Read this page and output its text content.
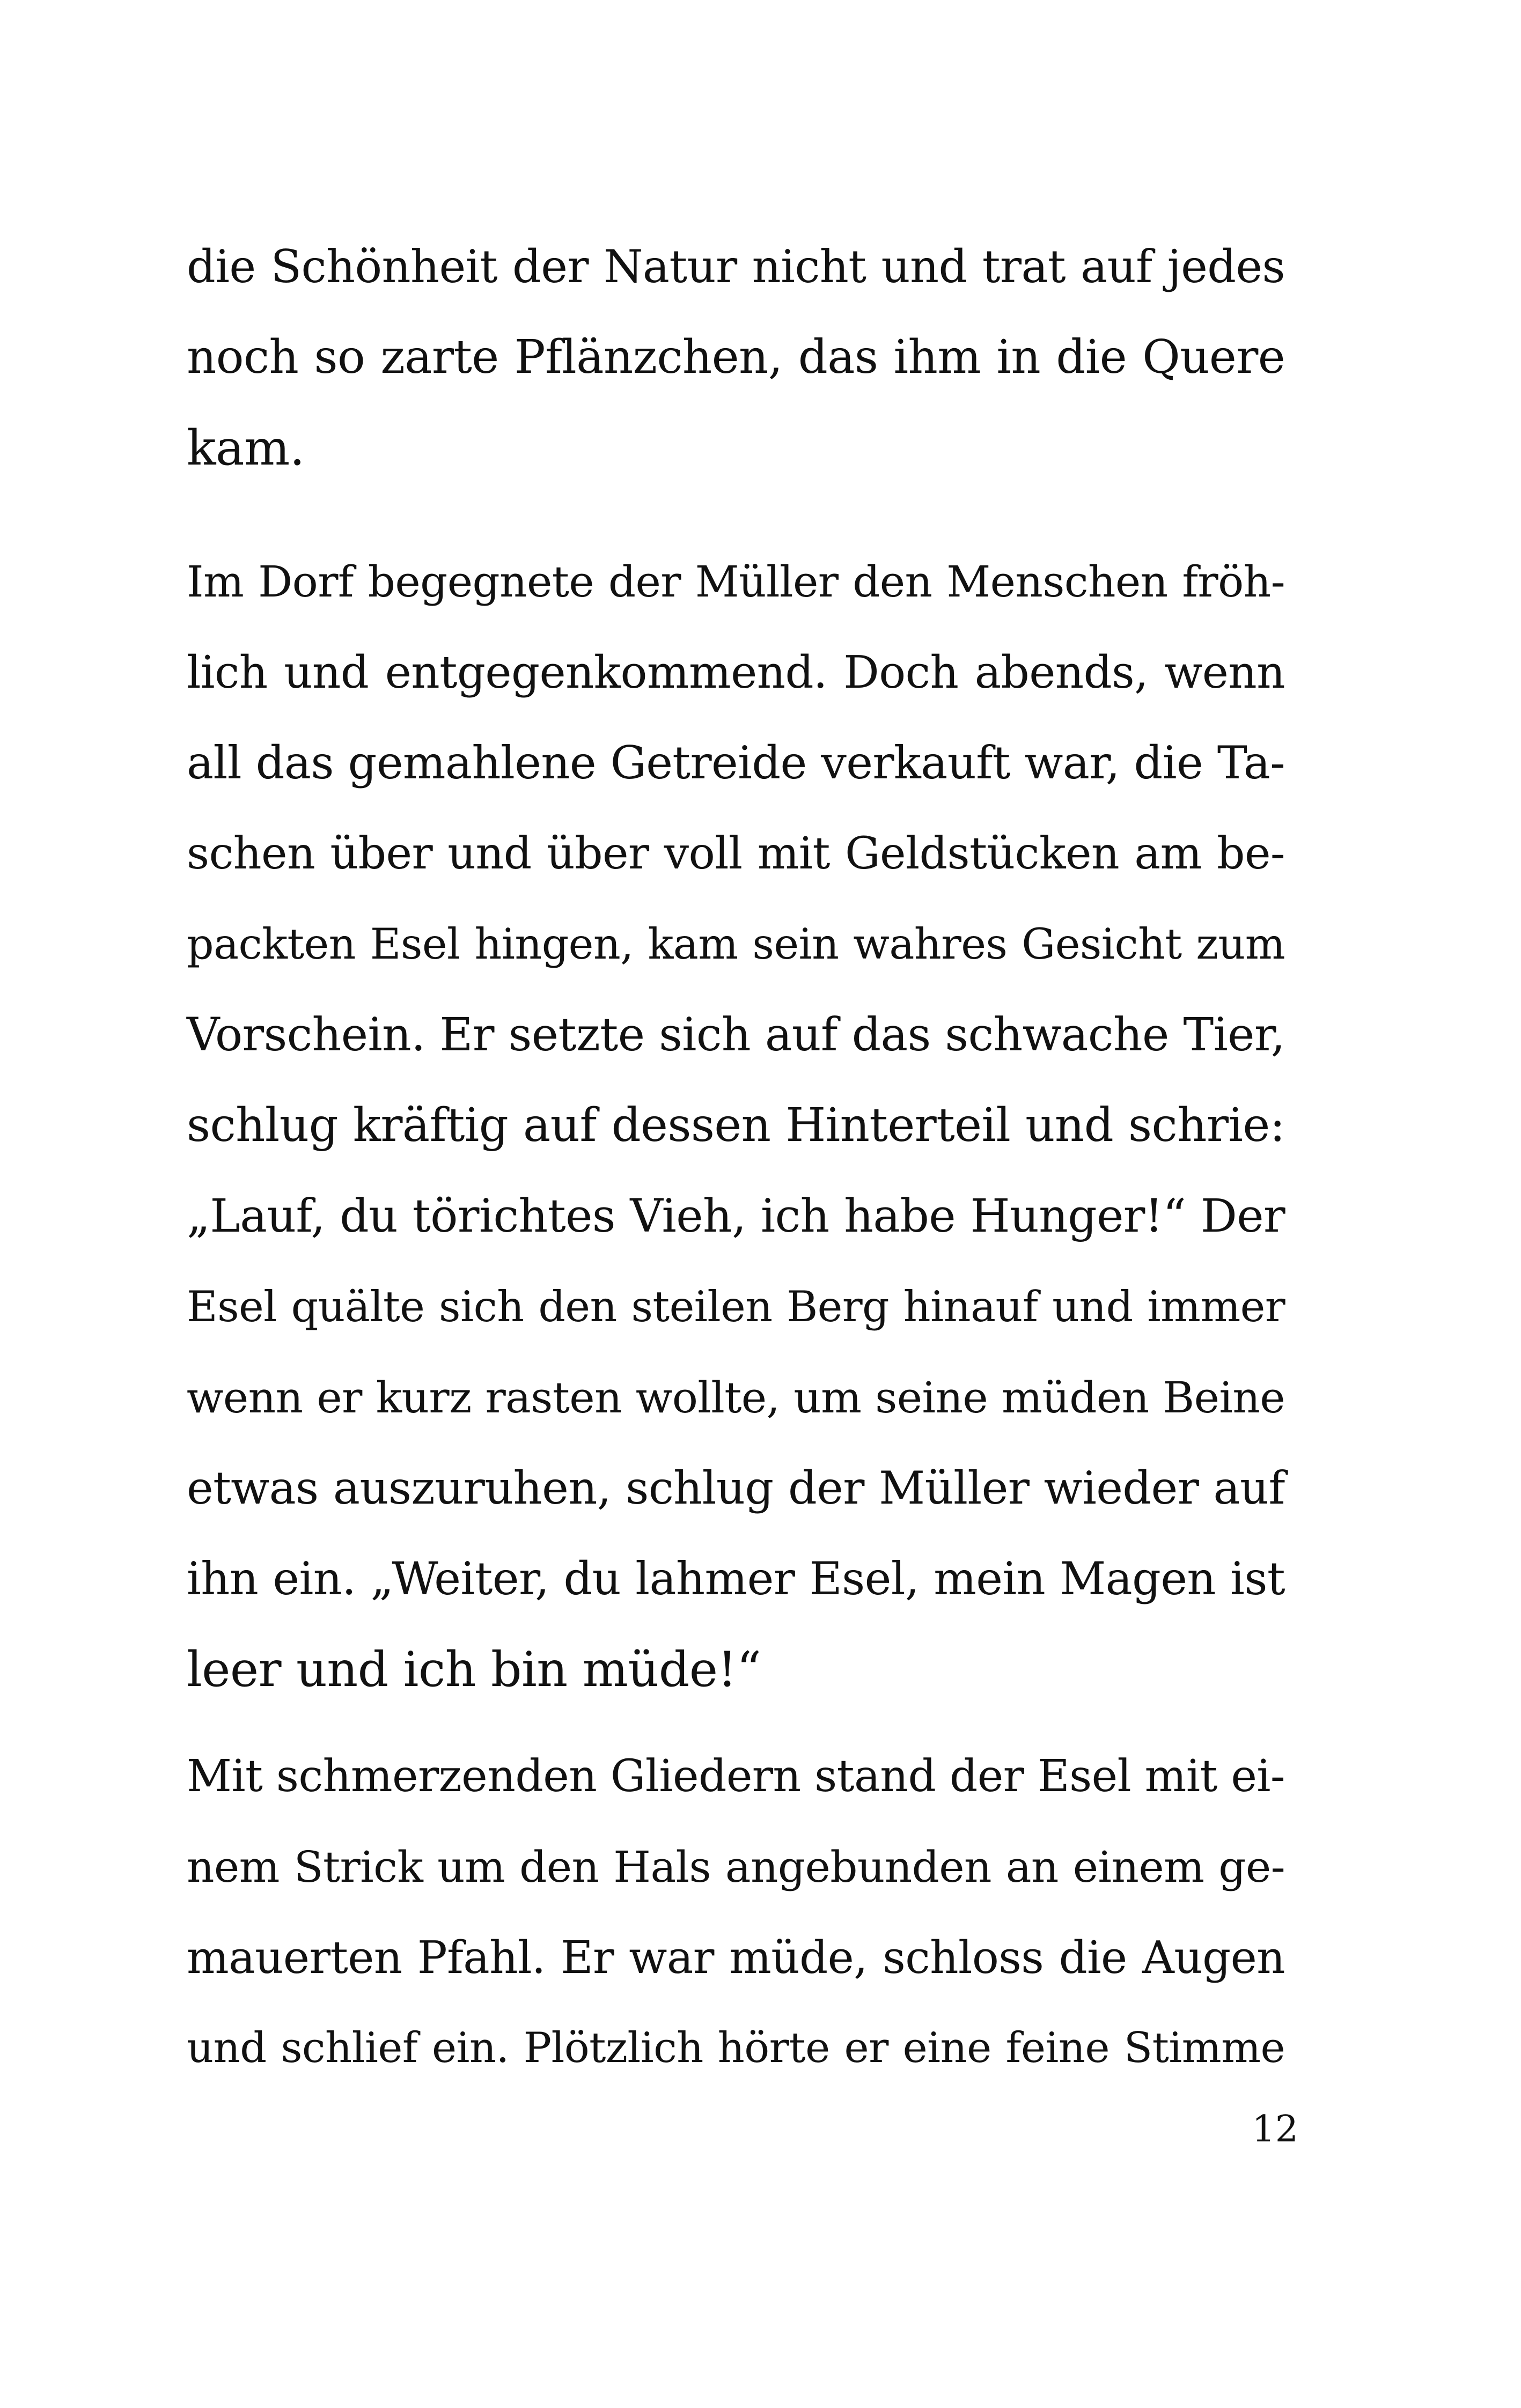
die Schönheit der Natur nicht und trat auf jedes
noch so zarte Pflänzchen, das ihm in die Quere
kam.
Im Dorf begegnete der Müller den Menschen fröh-
lich und entgegenkommend. Doch abends, wenn
all das gemahlene Getreide verkauft war, die Ta-
schen über und über voll mit Geldstücken am be-
packten Esel hingen, kam sein wahres Gesicht zum
Vorschein. Er setzte sich auf das schwache Tier,
schlug kräftig auf dessen Hinterteil und schrie:
„Lauf, du törichtes Vieh, ich habe Hunger!“ Der
Esel quälte sich den steilen Berg hinauf und immer
wenn er kurz rasten wollte, um seine müden Beine
etwas auszuruhen, schlug der Müller wieder auf
ihn ein. „Weiter, du lahmer Esel, mein Magen ist
leer und ich bin müde!“
Mit schmerzenden Gliedern stand der Esel mit ei-
nem Strick um den Hals angebunden an einem ge-
mauerten Pfahl. Er war müde, schloss die Augen
und schlief ein. Plötzlich hörte er eine feine Stimme
12
